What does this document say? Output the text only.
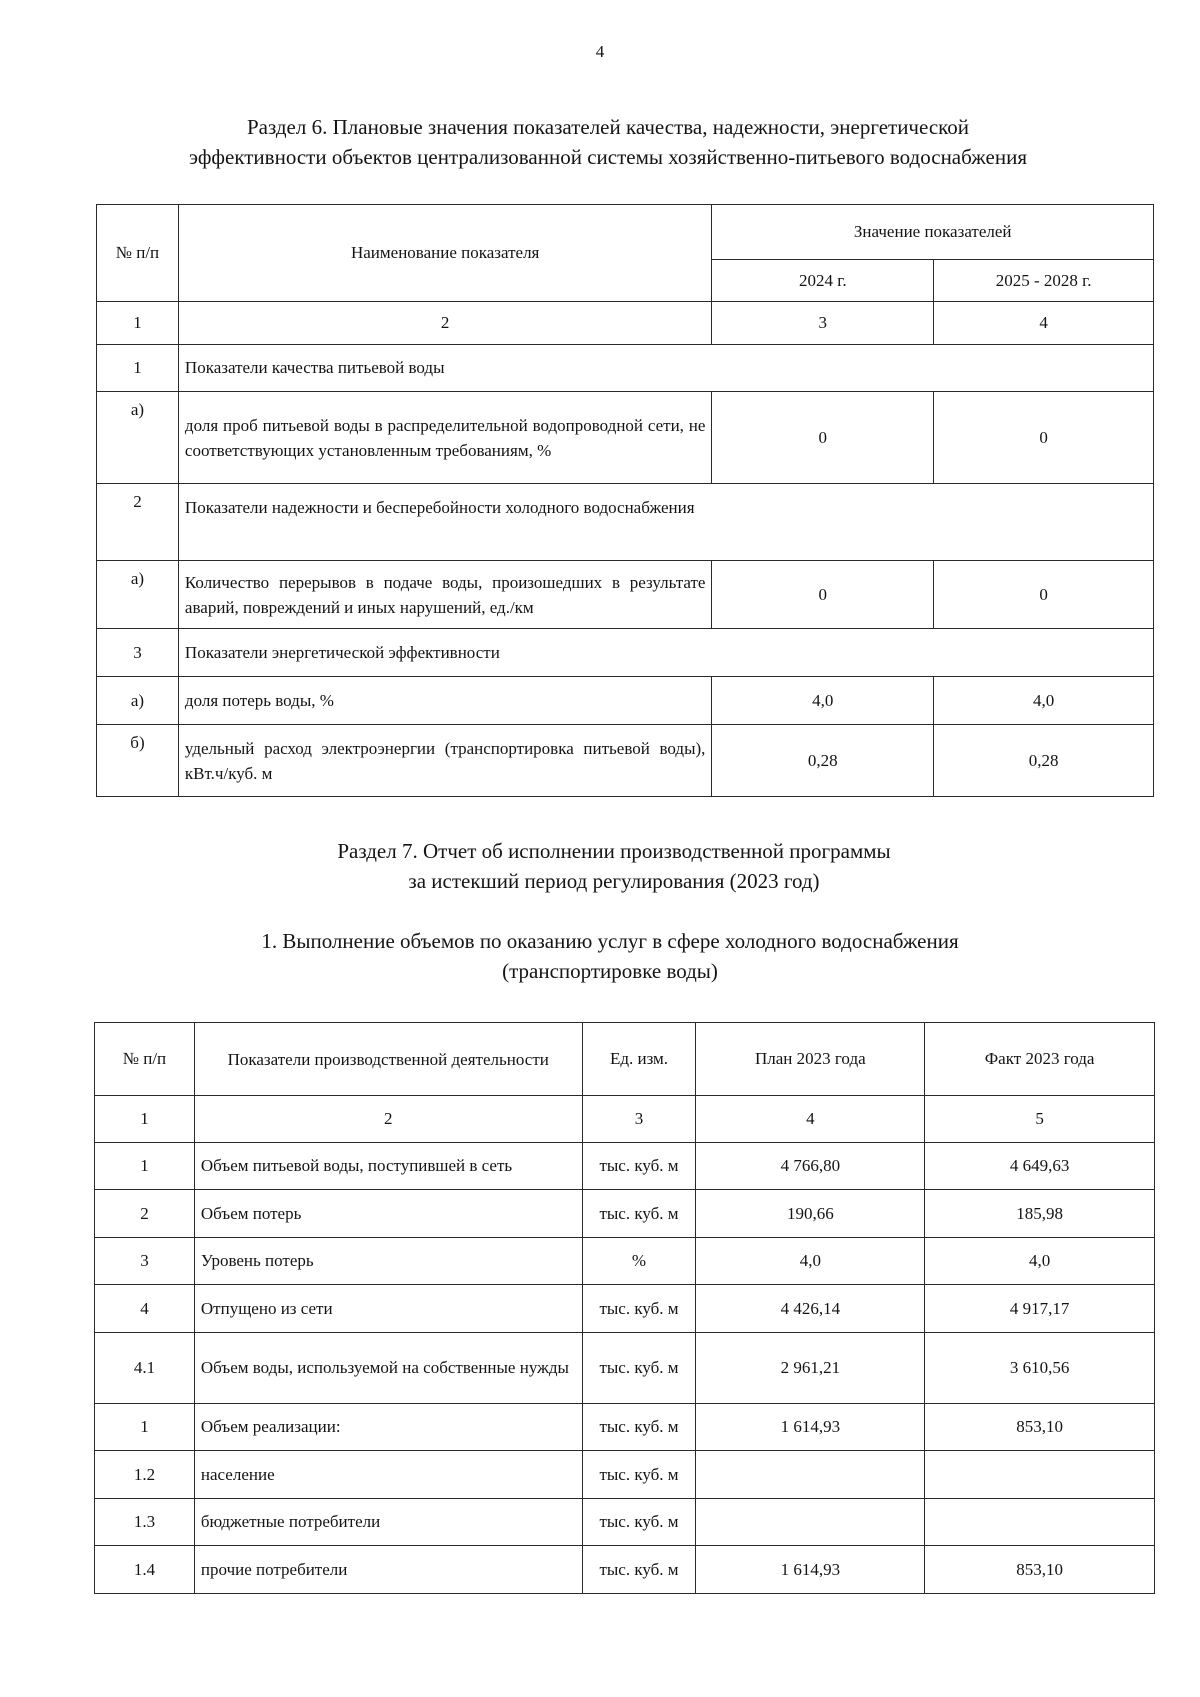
4
Раздел 6. Плановые значения показателей качества, надежности, энергетической
эффективности объектов централизованной системы хозяйственно-питьевого водоснабжения
№ п/п	Наименование показателя	Значение показателей	
		2024 г.	2025 - 2028 г.
1	2	3	4
1	Показатели качества питьевой воды		
а)	доля проб питьевой воды в распределительной водопроводной сети, не соответствующих установленным требованиям, %	0	0
2	Показатели надежности и бесперебойности холодного водоснабжения		
а)	Количество перерывов в подаче воды, произошедших в результате аварий, повреждений и иных нарушений, ед./км	0	0
3	Показатели энергетической эффективности		
а)	доля потерь воды, %	4,0	4,0
б)	удельный расход электроэнергии (транспортировка питьевой воды), кВт.ч/куб. м	0,28	0,28
Раздел 7. Отчет об исполнении производственной программы
за истекший период регулирования (2023 год)
1. Выполнение объемов по оказанию услуг в сфере холодного водоснабжения
(транспортировке воды)
№ п/п	Показатели производственной деятельности	Ед. изм.	План 2023 года	Факт 2023 года
1	2	3	4	5
1	Объем питьевой воды, поступившей в сеть	тыс. куб. м	4 766,80	4 649,63
2	Объем потерь	тыс. куб. м	190,66	185,98
3	Уровень потерь	%	4,0	4,0
4	Отпущено из сети	тыс. куб. м	4 426,14	4 917,17
4.1	Объем воды, используемой на собственные нужды	тыс. куб. м	2 961,21	3 610,56
1	Объем реализации:	тыс. куб. м	1 614,93	853,10
1.2	население	тыс. куб. м		
1.3	бюджетные потребители	тыс. куб. м		
1.4	прочие потребители	тыс. куб. м	1 614,93	853,10
